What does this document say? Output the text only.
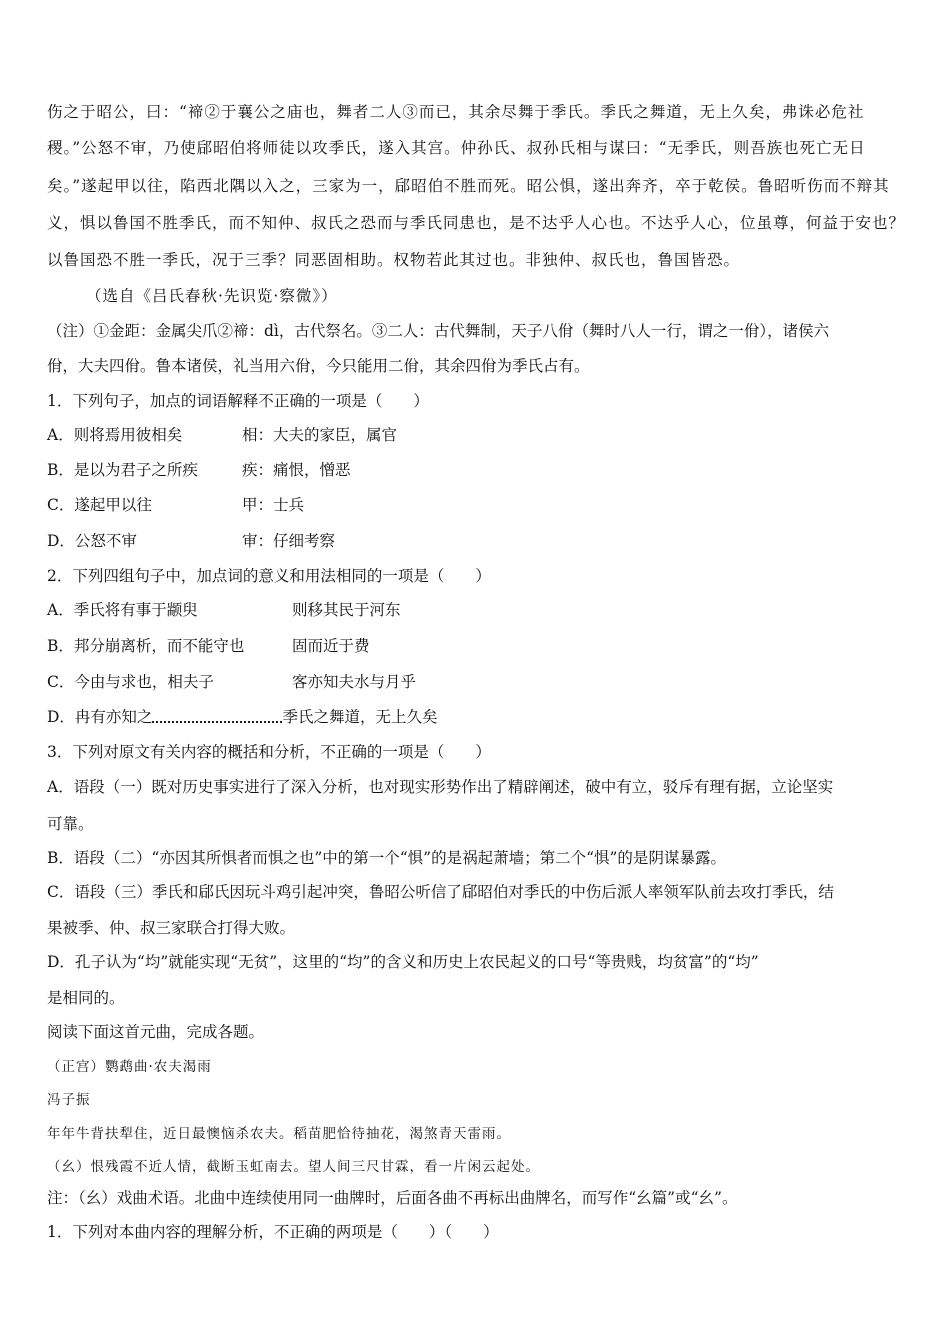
伤之于昭公，曰：“禘②于襄公之庙也，舞者二人③而已，其余尽舞于季氏。季氏之舞道，无上久矣，弗诛必危社
稷。”公怒不审，乃使郈昭伯将师徒以攻季氏，遂入其宫。仲孙氏、叔孙氏相与谋曰：“无季氏，则吾族也死亡无日
矣。”遂起甲以往，陷西北隅以入之，三家为一，郈昭伯不胜而死。昭公惧，遂出奔齐，卒于乾侯。鲁昭听伤而不辩其
义，惧以鲁国不胜季氏，而不知仲、叔氏之恐而与季氏同患也，是不达乎人心也。不达乎人心，位虽尊，何益于安也？
以鲁国恐不胜一季氏，况于三季？同恶固相助。权物若此其过也。非独仲、叔氏也，鲁国皆恐。
（选自《吕氏春秋·先识览·察微》）
（注）①金距：金属尖爪②禘：dì，古代祭名。③二人：古代舞制，天子八佾（舞时八人一行，谓之一佾），诸侯六
佾，大夫四佾。鲁本诸侯，礼当用六佾，今只能用二佾，其余四佾为季氏占有。
1．下列句子，加点的词语解释不正确的一项是（　　）
A．则将焉用彼相矣	相：大夫的家臣，属官
B．是以为君子之所疾	疾：痛恨，憎恶
C．遂起甲以往	甲：士兵
D．公怒不审	审：仔细考察
2．下列四组句子中，加点词的意义和用法相同的一项是（　　）
A．季氏将有事于颛臾	则移其民于河东
B．邦分崩离析，而不能守也	固而近于费
C．今由与求也，相夫子	客亦知夫水与月乎
D．冉有亦知之	季氏之舞道，无上久矣
3．下列对原文有关内容的概括和分析，不正确的一项是（　　）
A．语段（一）既对历史事实进行了深入分析，也对现实形势作出了精辟阐述，破中有立，驳斥有理有据，立论坚实
可靠。
B．语段（二）“亦因其所惧者而惧之也”中的第一个“惧”的是祸起萧墙；第二个“惧”的是阴谋暴露。
C．语段（三）季氏和郈氏因玩斗鸡引起冲突，鲁昭公听信了郈昭伯对季氏的中伤后派人率领军队前去攻打季氏，结
果被季、仲、叔三家联合打得大败。
D．孔子认为“均”就能实现“无贫”，这里的“均”的含义和历史上农民起义的口号“等贵贱，均贫富”的“均”
是相同的。
阅读下面这首元曲，完成各题。
（正宫）鹦鹉曲·农夫渴雨
冯子振
年年牛背扶犁住，近日最懊恼杀农夫。稻苗肥恰待抽花，渴煞青天雷雨。
（幺）恨残霞不近人情，截断玉虹南去。望人间三尺甘霖，看一片闲云起处。
注：（幺）戏曲术语。北曲中连续使用同一曲牌时，后面各曲不再标出曲牌名，而写作“幺篇”或“幺”。
1．下列对本曲内容的理解分析，不正确的两项是（　　）（　　）
